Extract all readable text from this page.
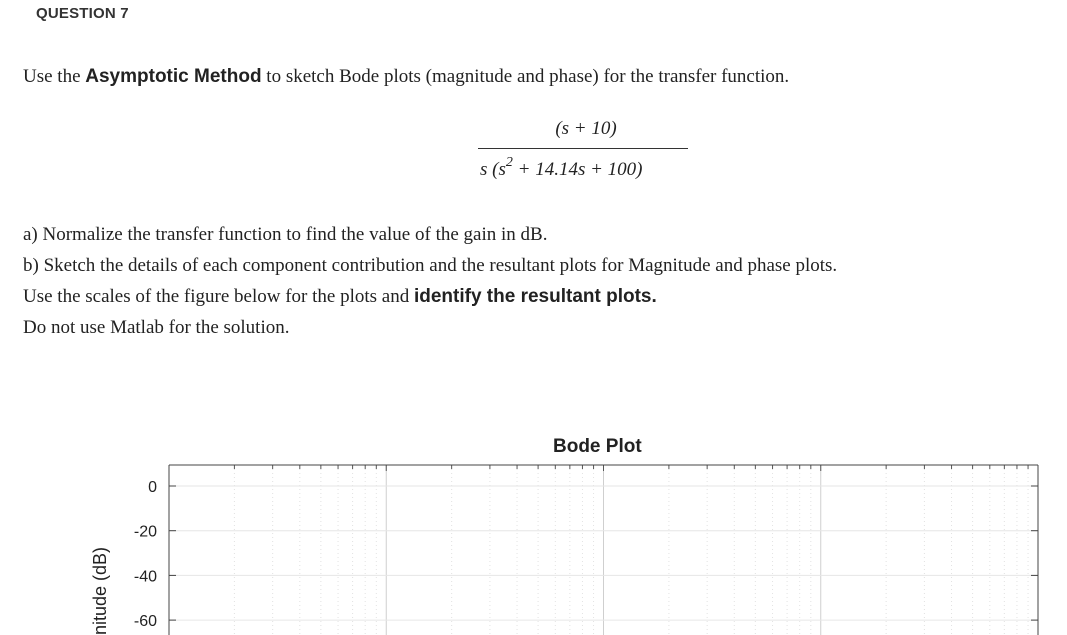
QUESTION 7
Use the Asymptotic Method to sketch Bode plots (magnitude and phase) for the transfer function.
(s + 10)
s $(s^2 + 14.14s + 100)$
a) Normalize the transfer function to find the value of the gain in dB.
b) Sketch the details of each component contribution and the resultant plots for Magnitude and phase plots.
Use the scales of the figure below for the plots and identify the resultant plots.
Do not use Matlab for the solution.
Bode Plot
0
-20
-40
-60
nitude (dB)
